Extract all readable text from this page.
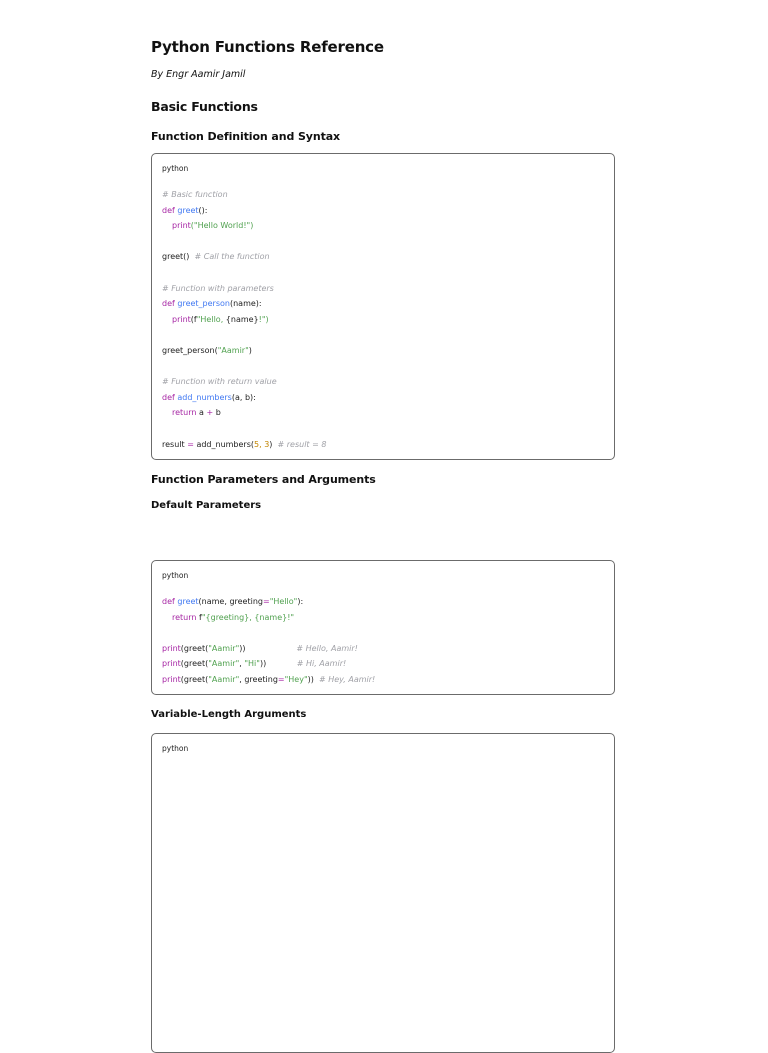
Python Functions Reference
By Engr Aamir Jamil
Basic Functions
Function Definition and Syntax
python
# Basic function
def greet():
print("Hello World!")

greet() # Call the function

# Function with parameters
def greet_person(name):
print(f"Hello, {name}!")

greet_person("Aamir")

# Function with return value
def add_numbers(a, b):
return a + b

result = add_numbers(5, 3) # result = 8
Function Parameters and Arguments
Default Parameters
python
def greet(name, greeting="Hello"):
return f"{greeting}, {name}!"

print(greet("Aamir"))	# Hello, Aamir!
print(greet("Aamir", "Hi"))	# Hi, Aamir!
print(greet("Aamir", greeting="Hey")) # Hey, Aamir!
Variable-Length Arguments
python
